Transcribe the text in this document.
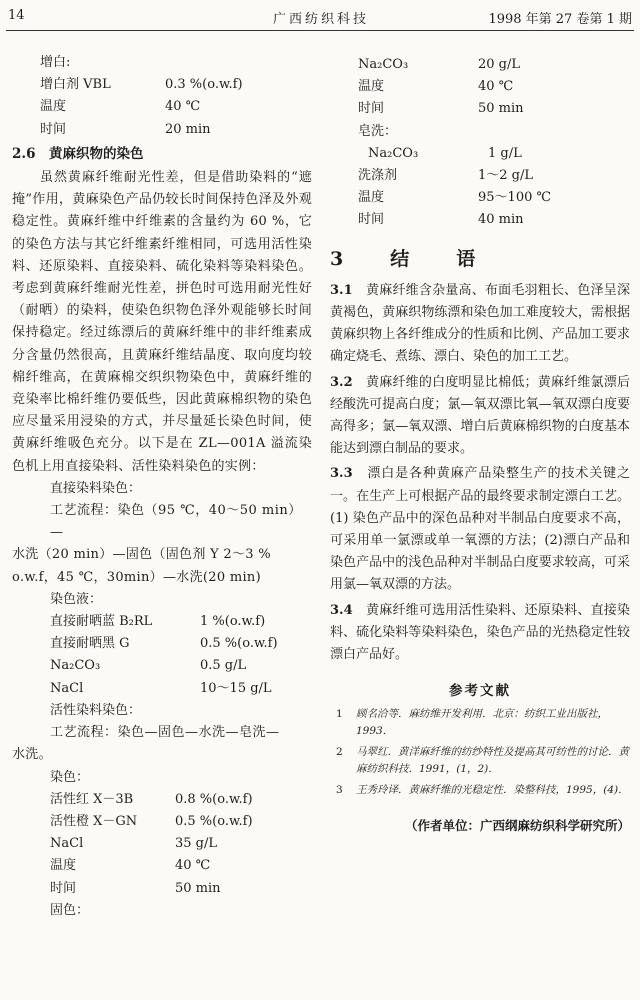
14	广西纺织科技	1998 年第 27 卷第 1 期
增白:
增白剂 VBL	0.3 %(o.w.f)
温度	40 ℃
时间	20 min
2.6　黄麻织物的染色

虽然黄麻纤维耐光性差，但是借助染料的“遮掩”作用，黄麻染色产品仍较长时间保持色泽及外观稳定性。黄麻纤维中纤维素的含量约为 60 %，它的染色方法与其它纤维素纤维相同，可选用活性染料、还原染料、直接染料、硫化染料等染料染色。考虑到黄麻纤维耐光性差，拼色时可选用耐光性好（耐晒）的染料，使染色织物色泽外观能够长时间保持稳定。经过练漂后的黄麻纤维中的非纤维素成分含量仍然很高，且黄麻纤维结晶度、取向度均较棉纤维高，在黄麻棉交织织物染色中，黄麻纤维的竞染率比棉纤维仍要低些，因此黄麻棉织物的染色应尽量采用浸染的方式，并尽量延长染色时间，使黄麻纤维吸色充分。以下是在 ZL—001A 溢流染色机上用直接染料、活性染料染色的实例：

直接染料染色：

工艺流程：染色（95 ℃，40～50 min）—

水洗（20 min）—固色（固色剂 Y 2～3 % o.w.f，45 ℃，30min）—水洗(20 min)

染色液：
直接耐晒蓝 B₂RL	1 %(o.w.f)
直接耐晒黑 G	0.5 %(o.w.f)
Na₂CO₃	0.5 g/L
NaCl	10～15 g/L
活性染料染色：

工艺流程：染色—固色—水洗—皂洗—

水洗。

染色：
活性红 X－3B	0.8 %(o.w.f)
活性橙 X－GN	0.5 %(o.w.f)
NaCl	35 g/L
温度	40 ℃
时间	50 min
固色：
Na₂CO₃	20 g/L
温度	40 ℃
时间	50 min
皂洗：
Na₂CO₃	1 g/L
洗涤剂	1～2 g/L
温度	95～100 ℃
时间	40 min
3　结　语
3.1　 黄麻纤维含杂量高、布面毛羽粗长、色泽呈深黄褐色，黄麻织物练漂和染色加工难度较大，需根据黄麻织物上各纤维成分的性质和比例、产品加工要求确定烧毛、煮练、漂白、染色的加工工艺。
3.2　 黄麻纤维的白度明显比棉低；黄麻纤维氯漂后经酸洗可提高白度；氯—氧双漂比氧—氧双漂白度要高得多；氯—氧双漂、增白后黄麻棉织物的白度基本能达到漂白制品的要求。
3.3　 漂白是各种黄麻产品染整生产的技术关键之一。在生产上可根据产品的最终要求制定漂白工艺。(1) 染色产品中的深色品种对半制品白度要求不高，可采用单一氯漂或单一氧漂的方法；(2)漂白产品和染色产品中的浅色品种对半制品白度要求较高，可采用氯—氧双漂的方法。
3.4　 黄麻纤维可选用活性染料、还原染料、直接染料、硫化染料等染料染色，染色产品的光热稳定性较漂白产品好。
参考文献
1	顾名洽等．麻纺维开发利用．北京：纺织工业出版社，1993．
2	马翠红．黄洋麻纤维的纺纱特性及提高其可纺性的讨论．黄麻纺织科技．1991，(1，2)．
3	王秀玲译．黄麻纤维的光稳定性．染整科技，1995，(4)．
（作者单位：广西纲麻纺织科学研究所）
